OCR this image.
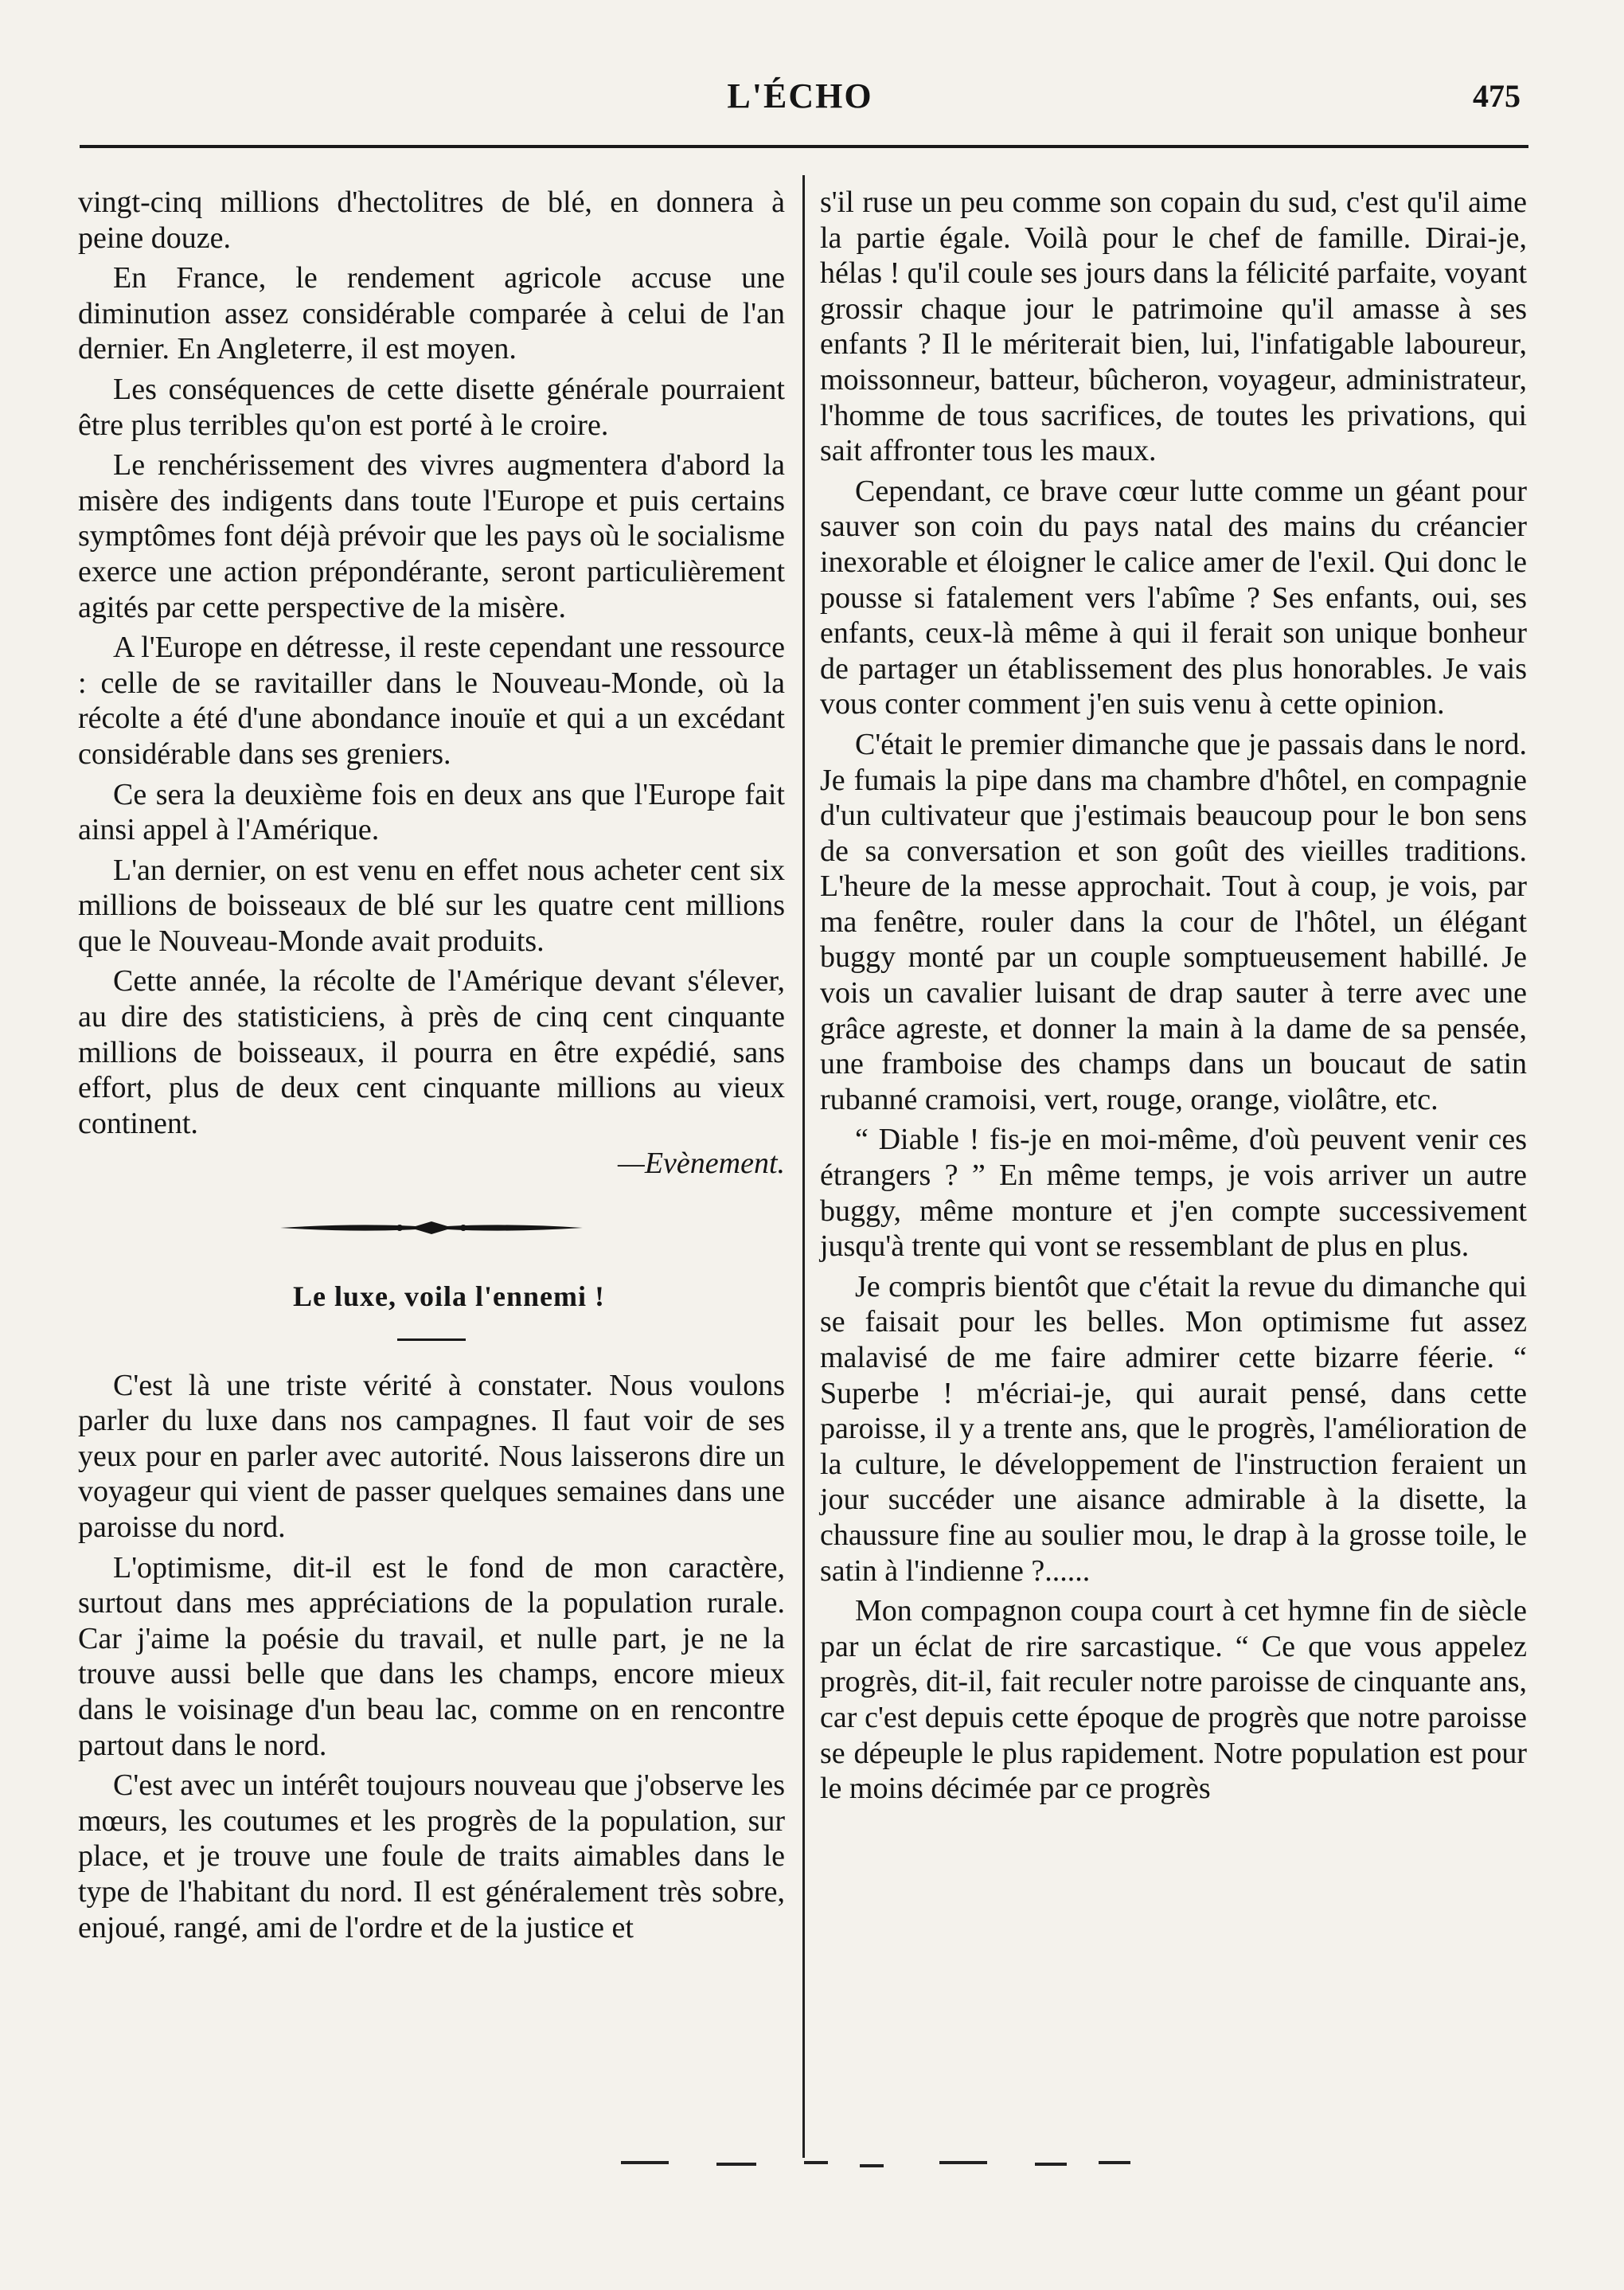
L'ÉCHO	475

vingt-cinq millions d'hectolitres de blé, en donnera à peine douze.

En France, le rendement agricole accuse une diminution assez considérable comparée à celui de l'an dernier. En Angleterre, il est moyen.

Les conséquences de cette disette générale pourraient être plus terribles qu'on est porté à le croire.

Le renchérissement des vivres augmentera d'abord la misère des indigents dans toute l'Europe et puis certains symptômes font déjà prévoir que les pays où le socialisme exerce une action prépondérante, seront particulièrement agités par cette perspective de la misère.

A l'Europe en détresse, il reste cependant une ressource : celle de se ravitailler dans le Nouveau-Monde, où la récolte a été d'une abondance inouïe et qui a un excédant considérable dans ses greniers.

Ce sera la deuxième fois en deux ans que l'Europe fait ainsi appel à l'Amérique.

L'an dernier, on est venu en effet nous acheter cent six millions de boisseaux de blé sur les quatre cent millions que le Nouveau-Monde avait produits.

Cette année, la récolte de l'Amérique devant s'élever, au dire des statisticiens, à près de cinq cent cinquante millions de boisseaux, il pourra en être expédié, sans effort, plus de deux cent cinquante millions au vieux continent.

—Evènement.

Le luxe, voila l'ennemi !

C'est là une triste vérité à constater. Nous voulons parler du luxe dans nos campagnes. Il faut voir de ses yeux pour en parler avec autorité. Nous laisserons dire un voyageur qui vient de passer quelques semaines dans une paroisse du nord.

L'optimisme, dit-il est le fond de mon caractère, surtout dans mes appréciations de la population rurale. Car j'aime la poésie du travail, et nulle part, je ne la trouve aussi belle que dans les champs, encore mieux dans le voisinage d'un beau lac, comme on en rencontre partout dans le nord.

C'est avec un intérêt toujours nouveau que j'observe les mœurs, les coutumes et les progrès de la population, sur place, et je trouve une foule de traits aimables dans le type de l'habitant du nord. Il est généralement très sobre, enjoué, rangé, ami de l'ordre et de la justice et

s'il ruse un peu comme son copain du sud, c'est qu'il aime la partie égale. Voilà pour le chef de famille. Dirai-je, hélas ! qu'il coule ses jours dans la félicité parfaite, voyant grossir chaque jour le patrimoine qu'il amasse à ses enfants ? Il le mériterait bien, lui, l'infatigable laboureur, moissonneur, batteur, bûcheron, voyageur, administrateur, l'homme de tous sacrifices, de toutes les privations, qui sait affronter tous les maux.

Cependant, ce brave cœur lutte comme un géant pour sauver son coin du pays natal des mains du créancier inexorable et éloigner le calice amer de l'exil. Qui donc le pousse si fatalement vers l'abîme ? Ses enfants, oui, ses enfants, ceux-là même à qui il ferait son unique bonheur de partager un établissement des plus honorables. Je vais vous conter comment j'en suis venu à cette opinion.

C'était le premier dimanche que je passais dans le nord. Je fumais la pipe dans ma chambre d'hôtel, en compagnie d'un cultivateur que j'estimais beaucoup pour le bon sens de sa conversation et son goût des vieilles traditions. L'heure de la messe approchait. Tout à coup, je vois, par ma fenêtre, rouler dans la cour de l'hôtel, un élégant buggy monté par un couple somptueusement habillé. Je vois un cavalier luisant de drap sauter à terre avec une grâce agreste, et donner la main à la dame de sa pensée, une framboise des champs dans un boucaut de satin rubanné cramoisi, vert, rouge, orange, violâtre, etc.

“ Diable ! fis-je en moi-même, d'où peuvent venir ces étrangers ? ” En même temps, je vois arriver un autre buggy, même monture et j'en compte successivement jusqu'à trente qui vont se ressemblant de plus en plus.

Je compris bientôt que c'était la revue du dimanche qui se faisait pour les belles. Mon optimisme fut assez malavisé de me faire admirer cette bizarre féerie. “ Superbe ! m'écriai-je, qui aurait pensé, dans cette paroisse, il y a trente ans, que le progrès, l'amélioration de la culture, le développement de l'instruction feraient un jour succéder une aisance admirable à la disette, la chaussure fine au soulier mou, le drap à la grosse toile, le satin à l'indienne ?......

Mon compagnon coupa court à cet hymne fin de siècle par un éclat de rire sarcastique. “ Ce que vous appelez progrès, dit-il, fait reculer notre paroisse de cinquante ans, car c'est depuis cette époque de progrès que notre paroisse se dépeuple le plus rapidement. Notre population est pour le moins décimée par ce progrès
